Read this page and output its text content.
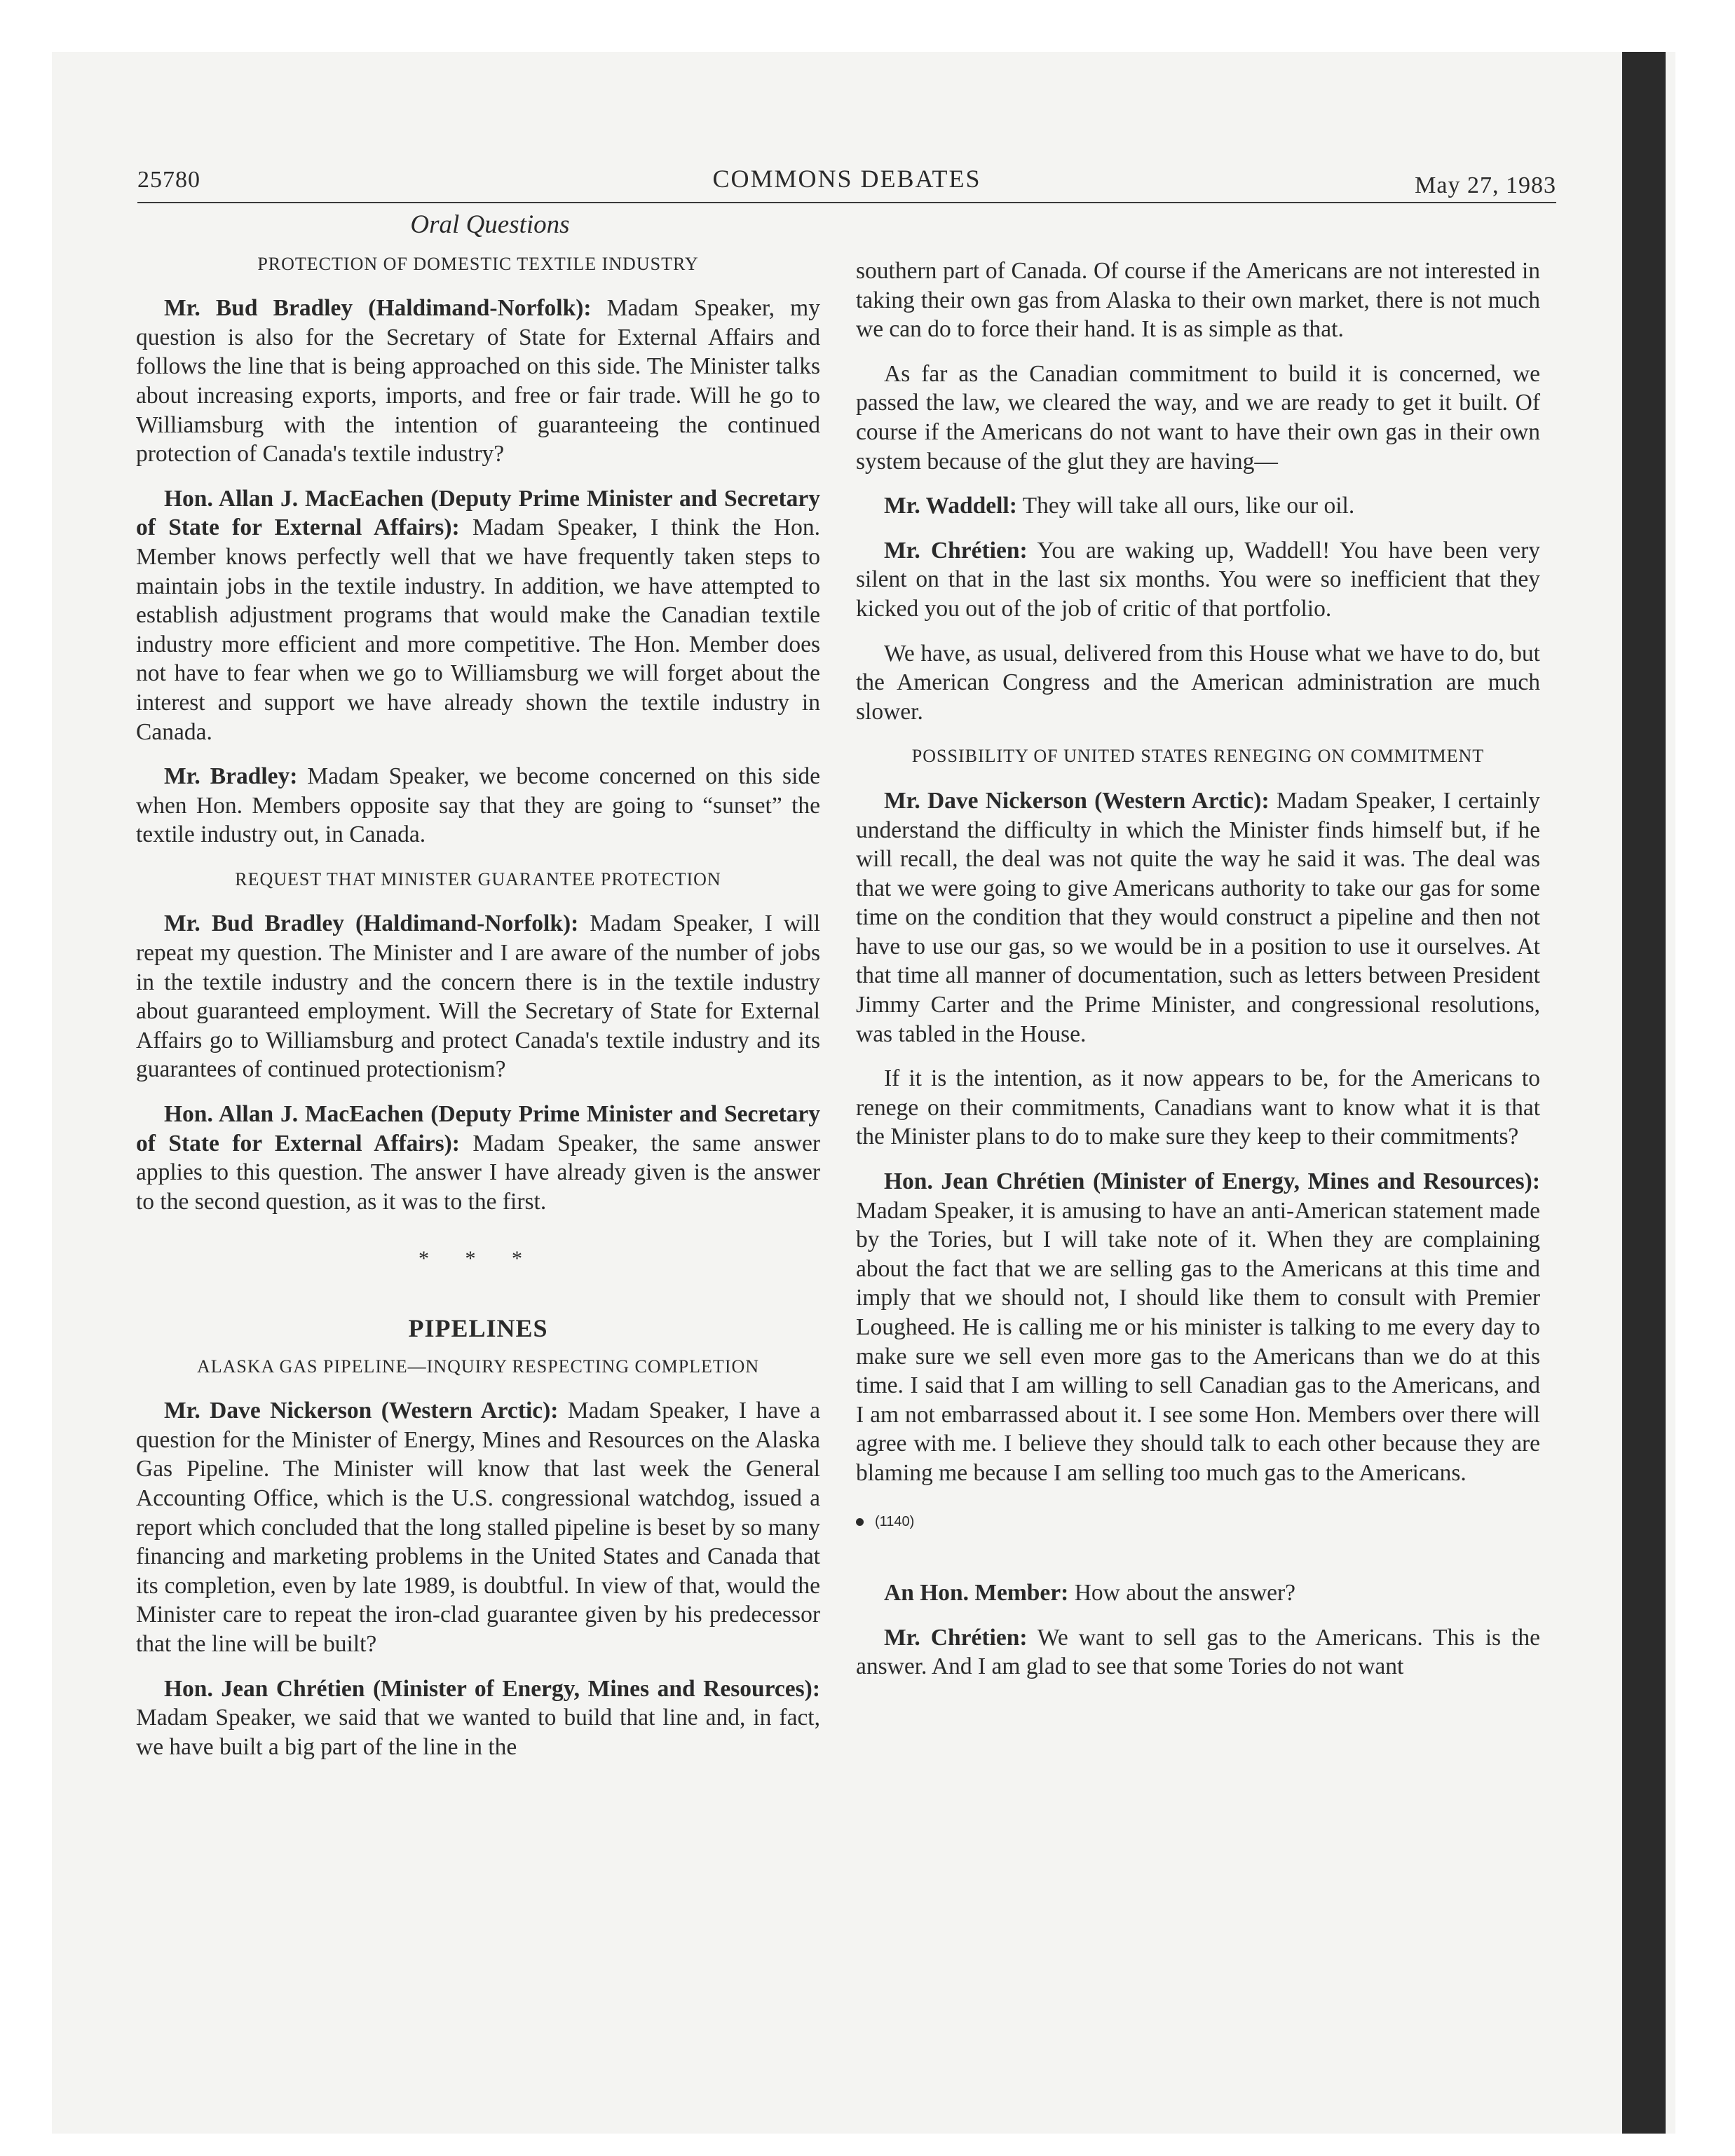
25780	COMMONS DEBATES	May 27, 1983
Oral Questions
PROTECTION OF DOMESTIC TEXTILE INDUSTRY

Mr. Bud Bradley (Haldimand-Norfolk): Madam Speaker, my question is also for the Secretary of State for External Affairs and follows the line that is being approached on this side. The Minister talks about increasing exports, imports, and free or fair trade. Will he go to Williamsburg with the intention of guaranteeing the continued protection of Canada's textile industry?

Hon. Allan J. MacEachen (Deputy Prime Minister and Secretary of State for External Affairs): Madam Speaker, I think the Hon. Member knows perfectly well that we have frequently taken steps to maintain jobs in the textile industry. In addition, we have attempted to establish adjustment programs that would make the Canadian textile industry more efficient and more competitive. The Hon. Member does not have to fear when we go to Williamsburg we will forget about the interest and support we have already shown the textile industry in Canada.

Mr. Bradley: Madam Speaker, we become concerned on this side when Hon. Members opposite say that they are going to “sunset” the textile industry out, in Canada.

REQUEST THAT MINISTER GUARANTEE PROTECTION

Mr. Bud Bradley (Haldimand-Norfolk): Madam Speaker, I will repeat my question. The Minister and I are aware of the number of jobs in the textile industry and the concern there is in the textile industry about guaranteed employment. Will the Secretary of State for External Affairs go to Williamsburg and protect Canada's textile industry and its guarantees of continued protectionism?

Hon. Allan J. MacEachen (Deputy Prime Minister and Secretary of State for External Affairs): Madam Speaker, the same answer applies to this question. The answer I have already given is the answer to the second question, as it was to the first.

* * *
PIPELINES
ALASKA GAS PIPELINE—INQUIRY RESPECTING COMPLETION

Mr. Dave Nickerson (Western Arctic): Madam Speaker, I have a question for the Minister of Energy, Mines and Resources on the Alaska Gas Pipeline. The Minister will know that last week the General Accounting Office, which is the U.S. congressional watchdog, issued a report which concluded that the long stalled pipeline is beset by so many financing and marketing problems in the United States and Canada that its completion, even by late 1989, is doubtful. In view of that, would the Minister care to repeat the iron-clad guarantee given by his predecessor that the line will be built?

Hon. Jean Chrétien (Minister of Energy, Mines and Resources): Madam Speaker, we said that we wanted to build that line and, in fact, we have built a big part of the line in the

southern part of Canada. Of course if the Americans are not interested in taking their own gas from Alaska to their own market, there is not much we can do to force their hand. It is as simple as that.

As far as the Canadian commitment to build it is concerned, we passed the law, we cleared the way, and we are ready to get it built. Of course if the Americans do not want to have their own gas in their own system because of the glut they are having—

Mr. Waddell: They will take all ours, like our oil.

Mr. Chrétien: You are waking up, Waddell! You have been very silent on that in the last six months. You were so inefficient that they kicked you out of the job of critic of that portfolio.

We have, as usual, delivered from this House what we have to do, but the American Congress and the American administration are much slower.

POSSIBILITY OF UNITED STATES RENEGING ON COMMITMENT

Mr. Dave Nickerson (Western Arctic): Madam Speaker, I certainly understand the difficulty in which the Minister finds himself but, if he will recall, the deal was not quite the way he said it was. The deal was that we were going to give Americans authority to take our gas for some time on the condition that they would construct a pipeline and then not have to use our gas, so we would be in a position to use it ourselves. At that time all manner of documentation, such as letters between President Jimmy Carter and the Prime Minister, and congressional resolutions, was tabled in the House.

If it is the intention, as it now appears to be, for the Americans to renege on their commitments, Canadians want to know what it is that the Minister plans to do to make sure they keep to their commitments?

Hon. Jean Chrétien (Minister of Energy, Mines and Resources): Madam Speaker, it is amusing to have an anti-American statement made by the Tories, but I will take note of it. When they are complaining about the fact that we are selling gas to the Americans at this time and imply that we should not, I should like them to consult with Premier Lougheed. He is calling me or his minister is talking to me every day to make sure we sell even more gas to the Americans than we do at this time. I said that I am willing to sell Canadian gas to the Americans, and I am not embarrassed about it. I see some Hon. Members over there will agree with me. I believe they should talk to each other because they are blaming me because I am selling too much gas to the Americans.

(1140)

An Hon. Member: How about the answer?

Mr. Chrétien: We want to sell gas to the Americans. This is the answer. And I am glad to see that some Tories do not want
